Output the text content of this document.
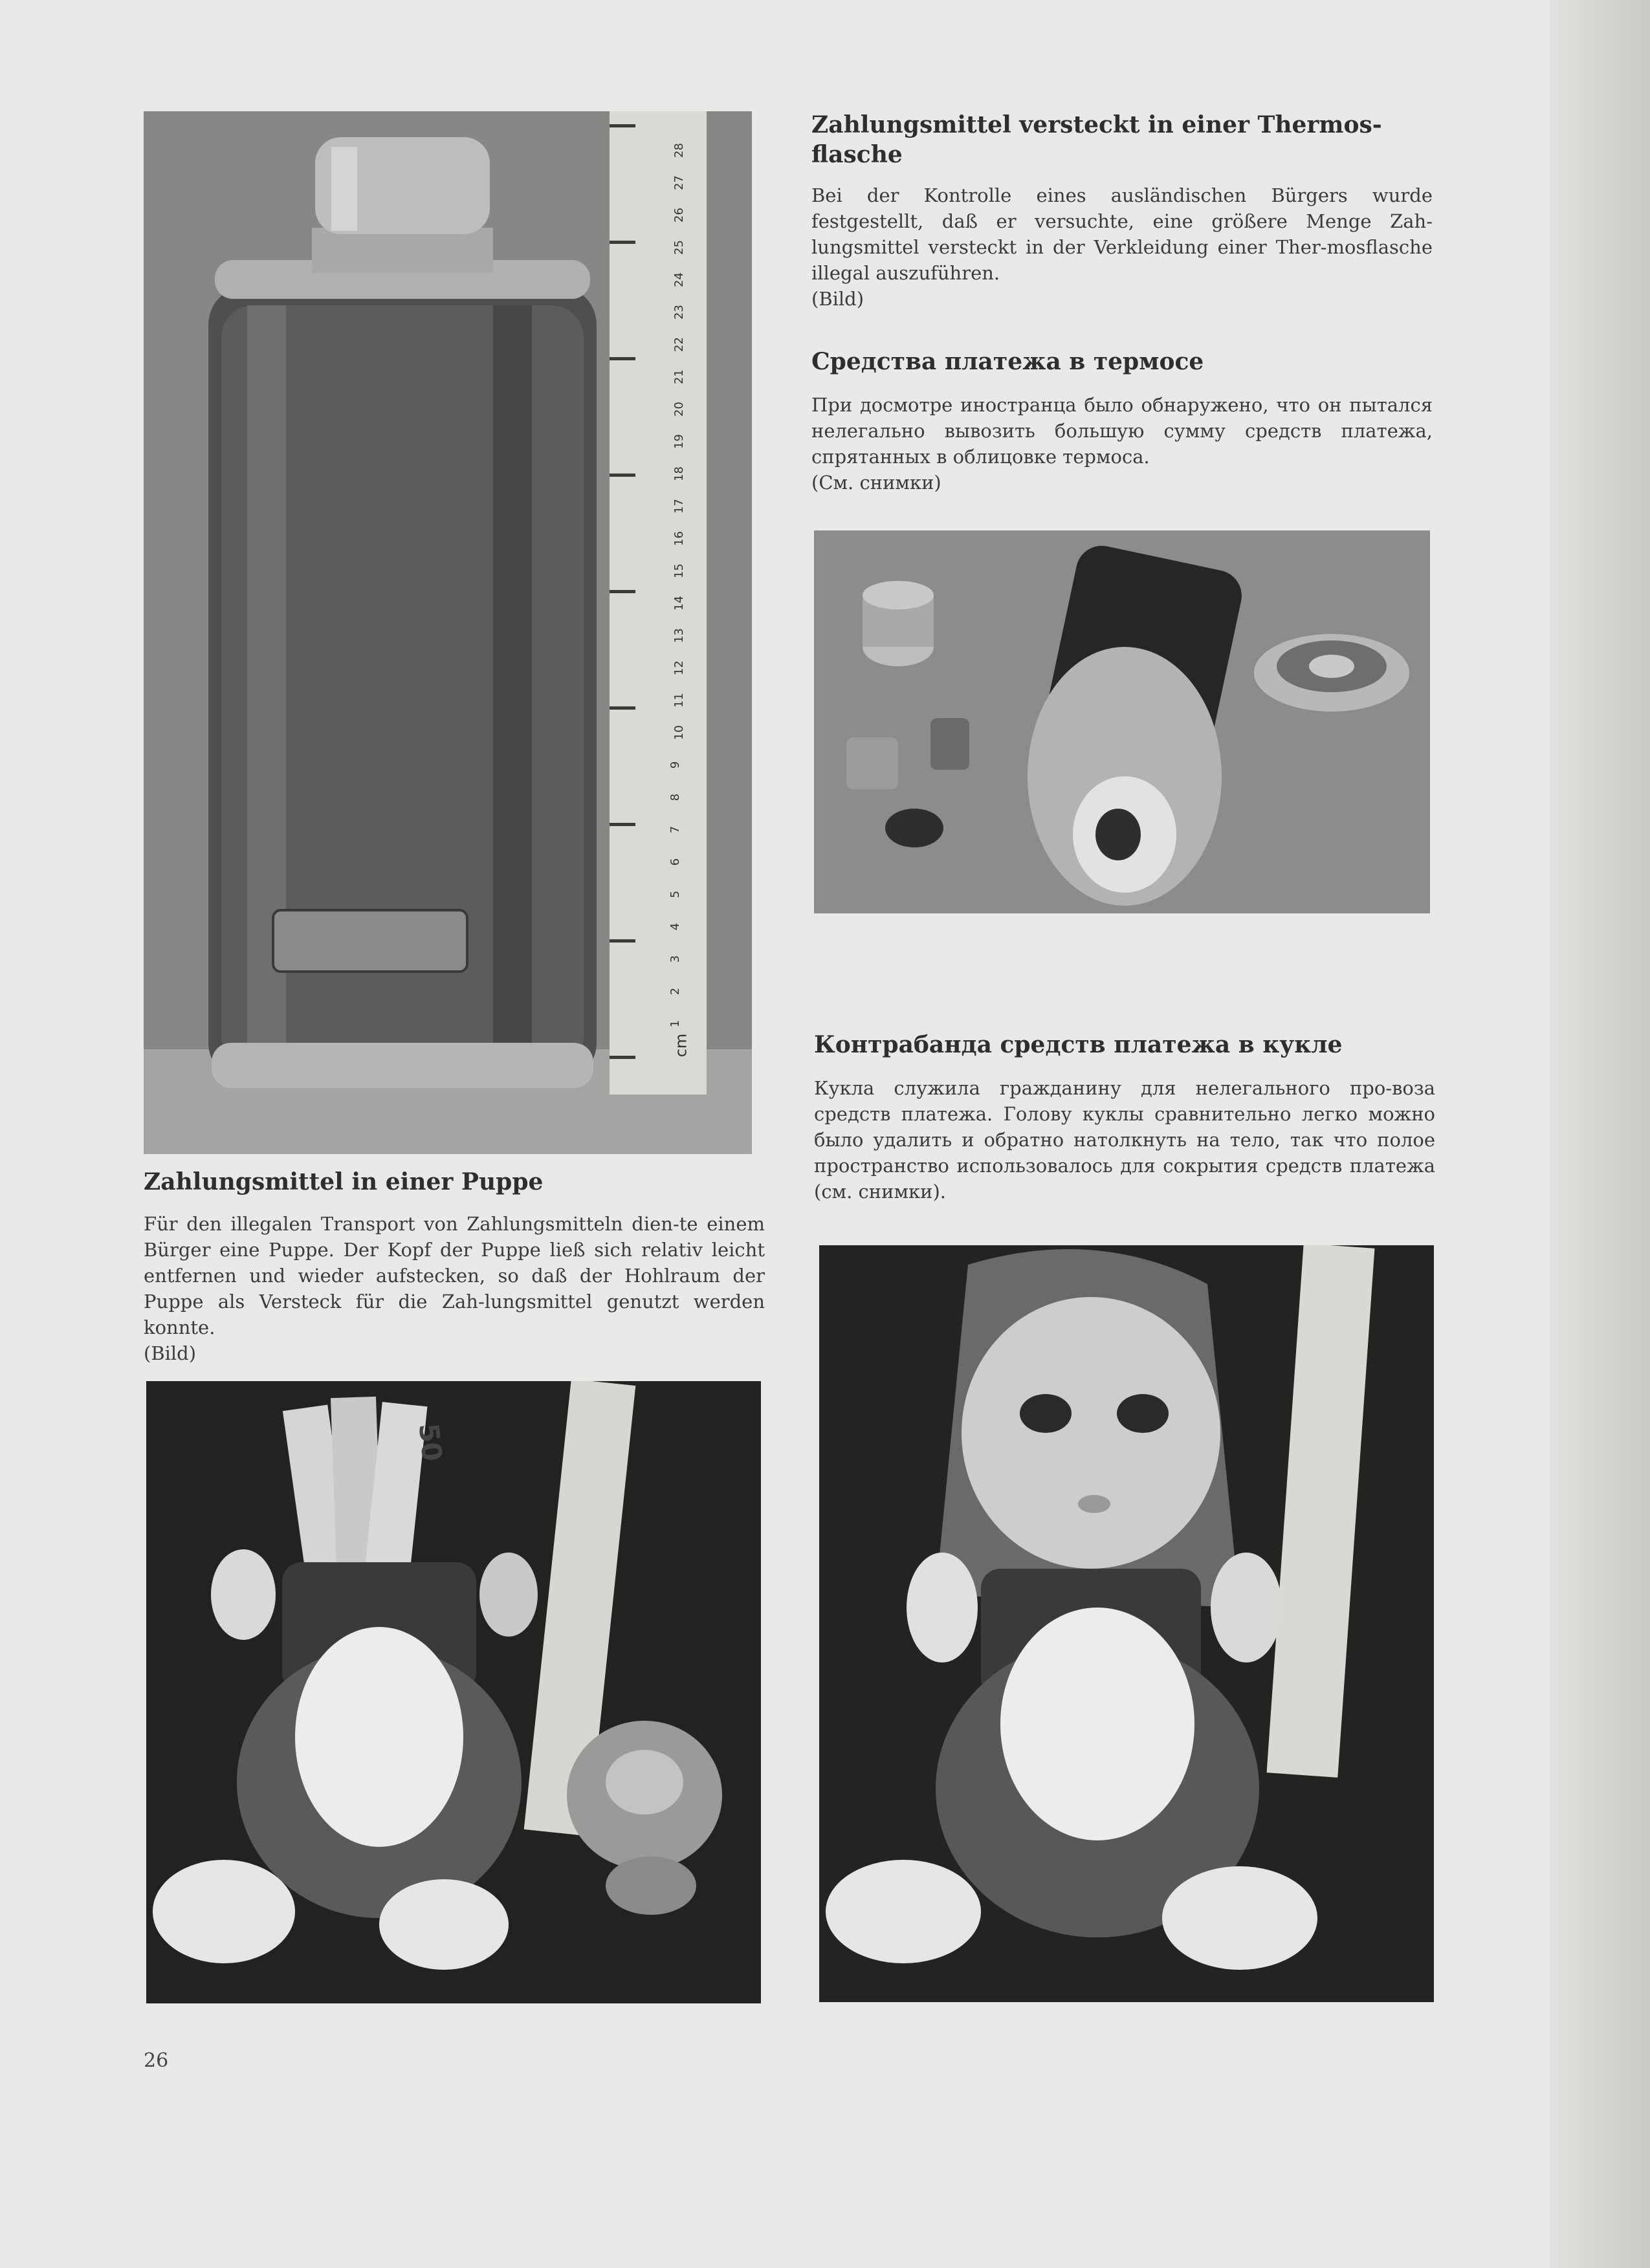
cm
1
2
3
4
5
6
7
8
9
10
11
12
13
14
15
16
17
18
19
20
21
22
23
24
25
26
27
28
50
Zahlungsmittel versteckt in einer Thermos-flasche

Bei der Kontrolle eines ausländischen Bürgers wurde festgestellt, daß er versuchte, eine größere Menge Zah-lungsmittel versteckt in der Verkleidung einer Ther-mosflasche illegal auszuführen.

(Bild)

Средства платежа в термосе

При досмотре иностранца было обнаружено, что он пытался нелегально вывозить большую сумму средств платежа, спрятанных в облицовке термоса.

(См. снимки)

Контрабанда средств платежа в кукле

Кукла служила гражданину для нелегального про-воза средств платежа. Голову куклы сравнительно легко можно было удалить и обратно натолкнуть на тело, так что полое пространство использовалось для сокрытия средств платежа (см. снимки).

Zahlungsmittel in einer Puppe

Für den illegalen Transport von Zahlungsmitteln dien-te einem Bürger eine Puppe. Der Kopf der Puppe ließ sich relativ leicht entfernen und wieder aufstecken, so daß der Hohlraum der Puppe als Versteck für die Zah-lungsmittel genutzt werden konnte.

(Bild)

26
